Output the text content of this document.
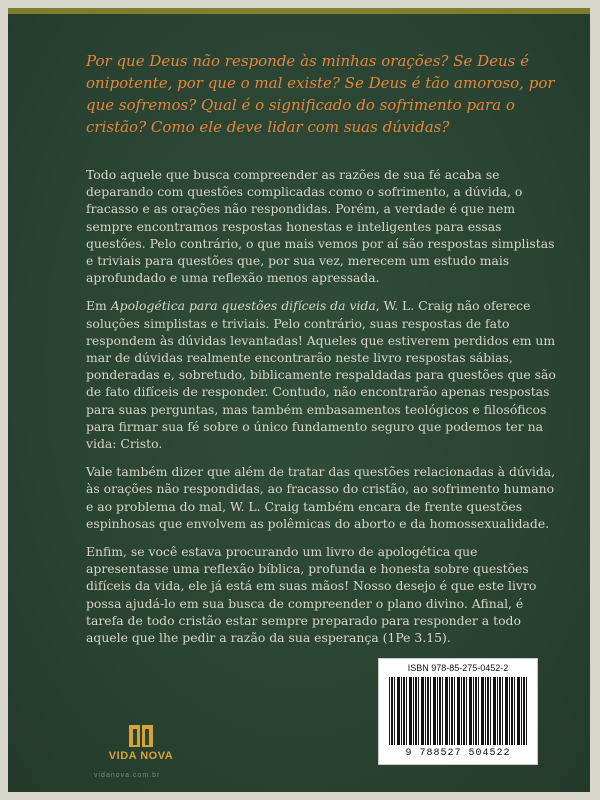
Por que Deus não responde às minhas orações? Se Deus é onipotente, por que o mal existe? Se Deus é tão amoroso, por que sofremos? Qual é o significado do sofrimento para o cristão? Como ele deve lidar com suas dúvidas?

Todo aquele que busca compreender as razões de sua fé acaba se deparando com questões complicadas como o sofrimento, a dúvida, o fracasso e as orações não respondidas. Porém, a verdade é que nem sempre encontramos respostas honestas e inteligentes para essas questões. Pelo contrário, o que mais vemos por aí são respostas simplistas e triviais para questões que, por sua vez, merecem um estudo mais aprofundado e uma reflexão menos apressada.

Em Apologética para questões difíceis da vida, W. L. Craig não oferece soluções simplistas e triviais. Pelo contrário, suas respostas de fato respondem às dúvidas levantadas! Aqueles que estiverem perdidos em um mar de dúvidas realmente encontrarão neste livro respostas sábias, ponderadas e, sobretudo, biblicamente respaldadas para questões que são de fato difíceis de responder. Contudo, não encontrarão apenas respostas para suas perguntas, mas também embasamentos teológicos e filosóficos para firmar sua fé sobre o único fundamento seguro que podemos ter na vida: Cristo.

Vale também dizer que além de tratar das questões relacionadas à dúvida, às orações não respondidas, ao fracasso do cristão, ao sofrimento humano e ao problema do mal, W. L. Craig também encara de frente questões espinhosas que envolvem as polêmicas do aborto e da homossexualidade.

Enfim, se você estava procurando um livro de apologética que apresentasse uma reflexão bíblica, profunda e honesta sobre questões difíceis da vida, ele já está em suas mãos! Nosso desejo é que este livro possa ajudá-lo em sua busca de compreender o plano divino. Afinal, é tarefa de todo cristão estar sempre preparado para responder a todo aquele que lhe pedir a razão da sua esperança (1Pe 3.15).

VIDA NOVA
vidanova.com.br
ISBN 978-85-275-0452-2
9 788527 504522
